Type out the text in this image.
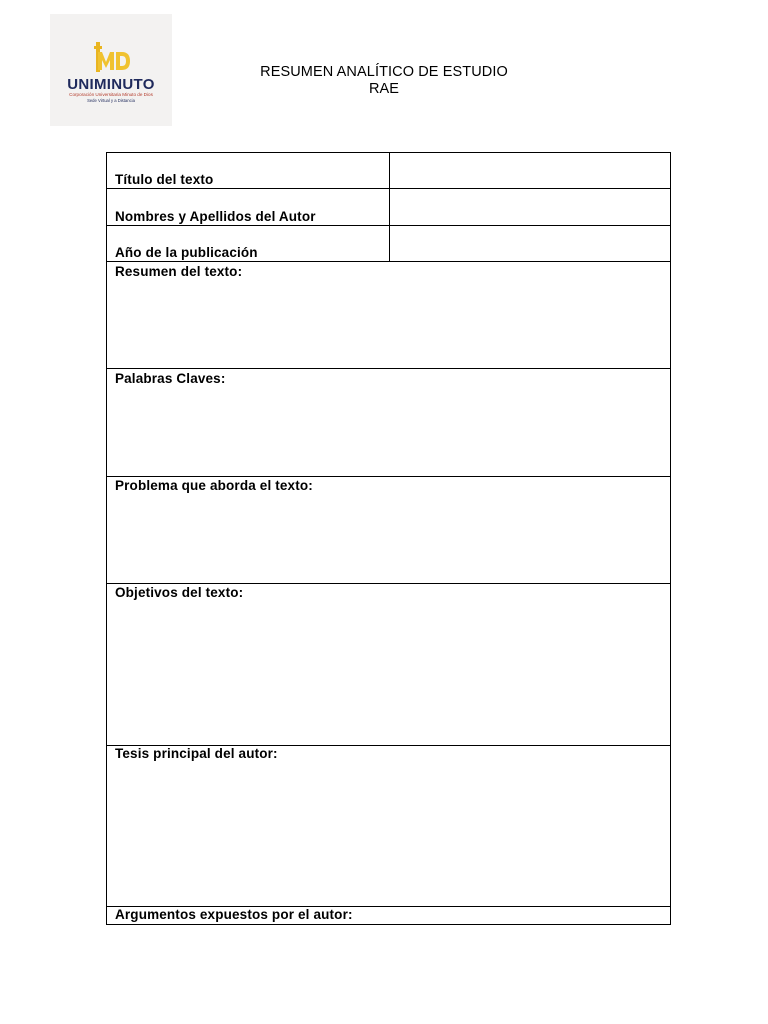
UNIMINUTO
Corporación Universitaria Minuto de Dios
Sede Virtual y a Distancia
RESUMEN ANALÍTICO DE ESTUDIO
RAE
Título del texto
Nombres y Apellidos del Autor
Año de la publicación
Resumen del texto:
Palabras Claves:
Problema que aborda el texto:
Objetivos del texto:
Tesis principal del autor:
Argumentos expuestos por el autor:
